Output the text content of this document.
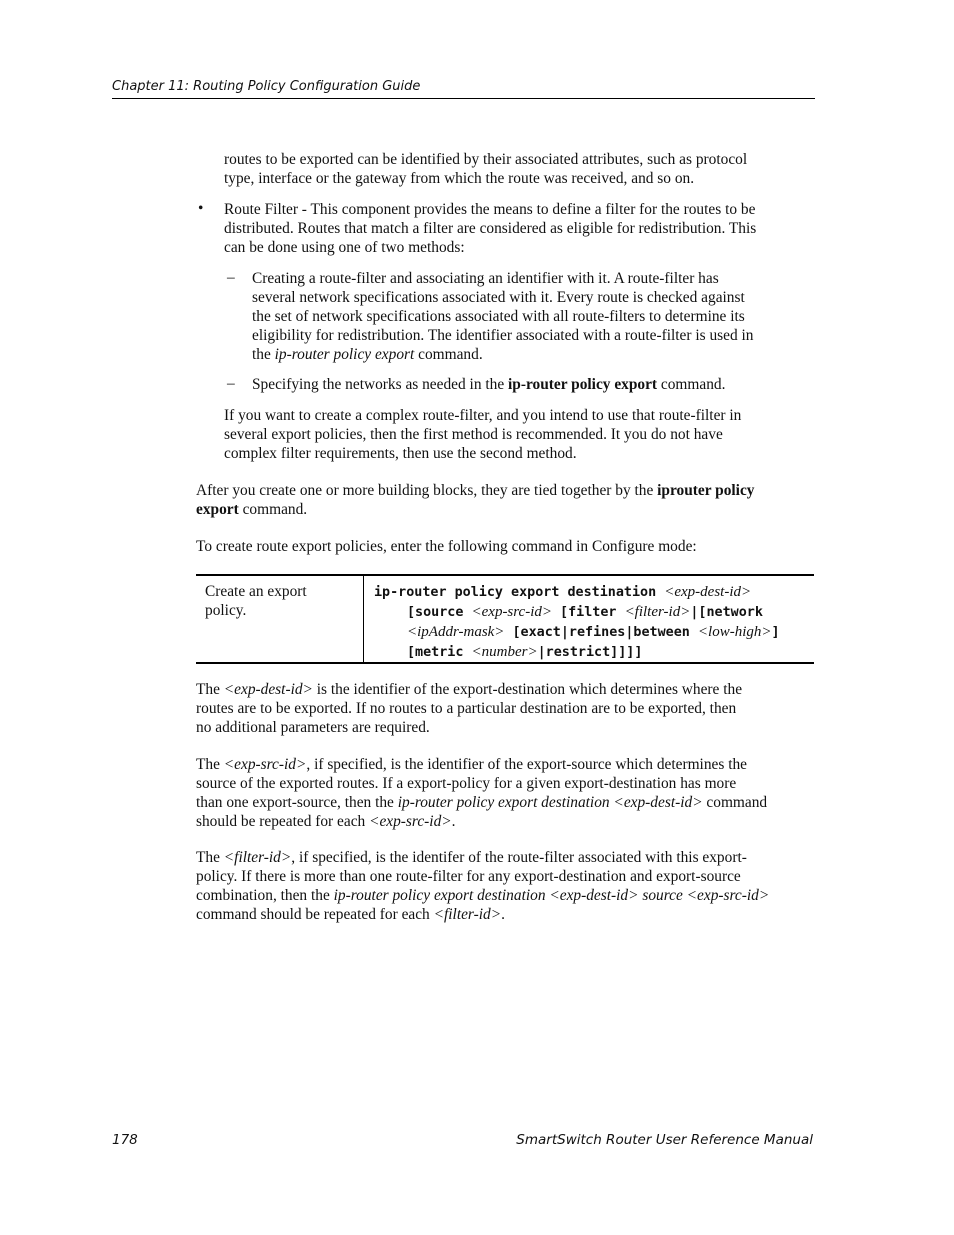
Chapter 11: Routing Policy Configuration Guide
routes to be exported can be identified by their associated attributes, such as protocol
type, interface or the gateway from which the route was received, and so on.
• Route Filter - This component provides the means to define a filter for the routes to be
distributed. Routes that match a filter are considered as eligible for redistribution. This
can be done using one of two methods:
– Creating a route-filter and associating an identifier with it. A route-filter has
several network specifications associated with it. Every route is checked against
the set of network specifications associated with all route-filters to determine its
eligibility for redistribution. The identifier associated with a route-filter is used in
the ip-router policy export command.
– Specifying the networks as needed in the ip-router policy export command.
If you want to create a complex route-filter, and you intend to use that route-filter in
several export policies, then the first method is recommended. It you do not have
complex filter requirements, then use the second method.
After you create one or more building blocks, they are tied together by the iprouter policy
export command.
To create route export policies, enter the following command in Configure mode:
Create an export
policy.
ip-router policy export destination <exp-dest-id>
[source <exp-src-id> [filter <filter-id>|[network
<ipAddr-mask> [exact|refines|between <low-high>]
[metric <number>|restrict]]]]
The <exp-dest-id> is the identifier of the export-destination which determines where the
routes are to be exported. If no routes to a particular destination are to be exported, then
no additional parameters are required.
The <exp-src-id>, if specified, is the identifier of the export-source which determines the
source of the exported routes. If a export-policy for a given export-destination has more
than one export-source, then the ip-router policy export destination <exp-dest-id> command
should be repeated for each <exp-src-id>.
The <filter-id>, if specified, is the identifer of the route-filter associated with this export-
policy. If there is more than one route-filter for any export-destination and export-source
combination, then the ip-router policy export destination <exp-dest-id> source <exp-src-id>
command should be repeated for each <filter-id>.
178	SmartSwitch Router User Reference Manual
